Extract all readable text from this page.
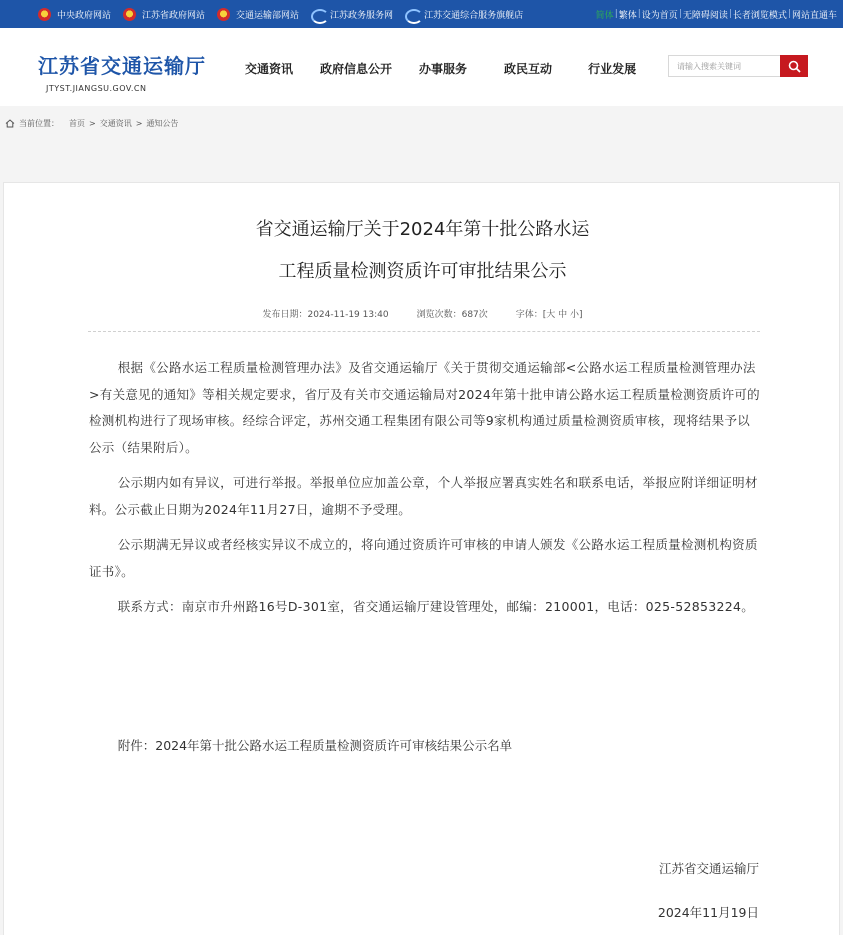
中央政府网站	江苏省政府网站	交通运输部网站	江苏政务服务网	江苏交通综合服务旗舰店	简体 | 繁体 | 设为首页 | 无障碍阅读 | 长者浏览模式 | 网站直通车
江苏省交通运输厅
JTYST.JIANGSU.GOV.CN
交通资讯 政府信息公开 办事服务	政民互动	行业发展
请输入搜索关键词
当前位置： 首页 > 交通资讯 > 通知公告
省交通运输厅关于2024年第十批公路水运
工程质量检测资质许可审批结果公示
发布日期：2024-11-19 13:40	浏览次数：687次	字体：[大 中 小]

根据《公路水运工程质量检测管理办法》及省交通运输厅《关于贯彻交通运输部<公路水运工程质量检测管理办法>有关意见的通知》等相关规定要求，省厅及有关市交通运输局对2024年第十批申请公路水运工程质量检测资质许可的检测机构进行了现场审核。经综合评定，苏州交通工程集团有限公司等9家机构通过质量检测资质审核，现将结果予以公示（结果附后）。

公示期内如有异议，可进行举报。举报单位应加盖公章，个人举报应署真实姓名和联系电话，举报应附详细证明材料。公示截止日期为2024年11月27日，逾期不予受理。

公示期满无异议或者经核实异议不成立的，将向通过资质许可审核的申请人颁发《公路水运工程质量检测机构资质证书》。

联系方式：南京市升州路16号D-301室，省交通运输厅建设管理处，邮编：210001，电话：025-52853224。

附件：2024年第十批公路水运工程质量检测资质许可审核结果公示名单
江苏省交通运输厅
2024年11月19日
